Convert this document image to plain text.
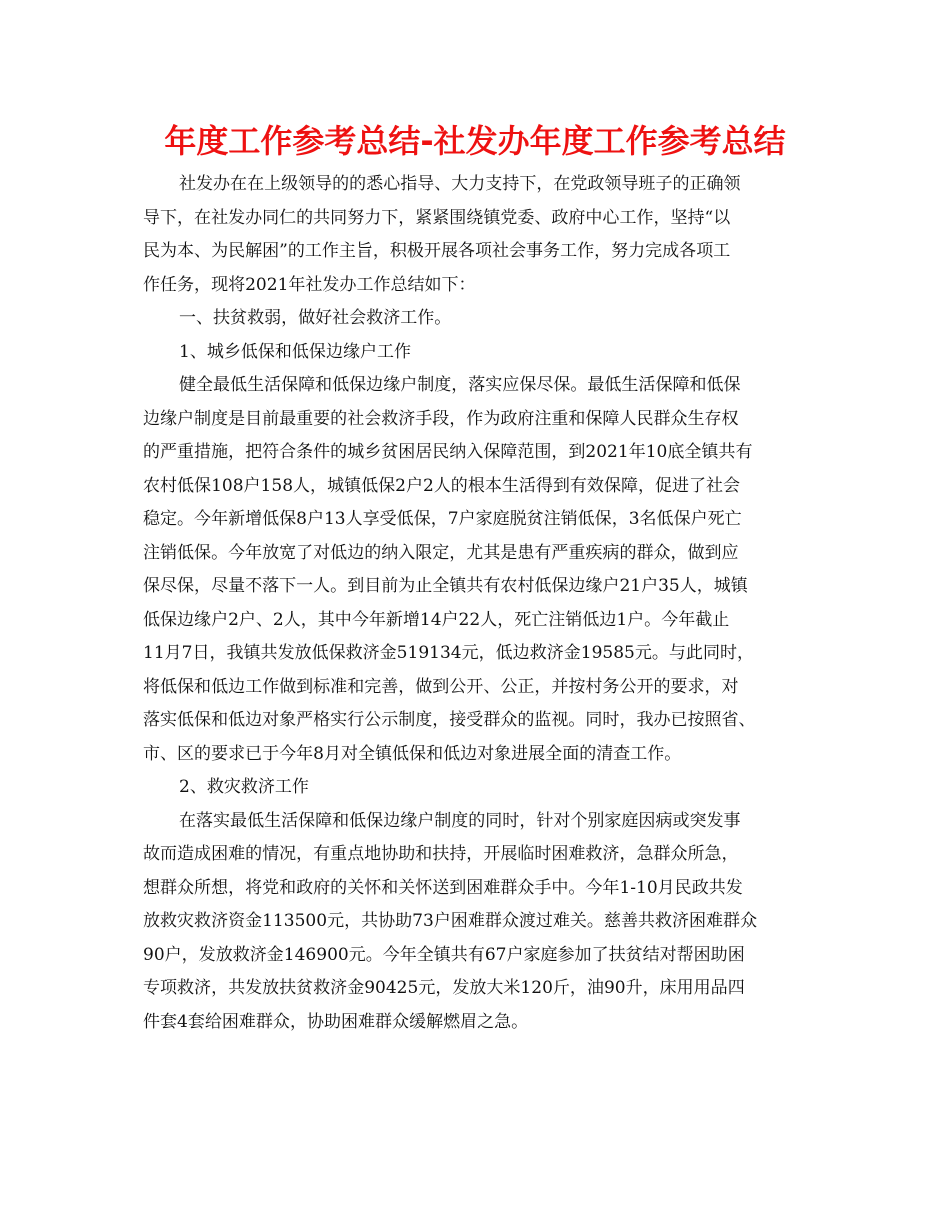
年度工作参考总结-社发办年度工作参考总结

社发办在在上级领导的的悉心指导、大力支持下，在党政领导班子的正确领
导下，在社发办同仁的共同努力下，紧紧围绕镇党委、政府中心工作，坚持“以
民为本、为民解困”的工作主旨，积极开展各项社会事务工作，努力完成各项工
作任务，现将2021年社发办工作总结如下：

一、扶贫救弱，做好社会救济工作。

1、城乡低保和低保边缘户工作

健全最低生活保障和低保边缘户制度，落实应保尽保。最低生活保障和低保
边缘户制度是目前最重要的社会救济手段，作为政府注重和保障人民群众生存权
的严重措施，把符合条件的城乡贫困居民纳入保障范围，到2021年10底全镇共有
农村低保108户158人，城镇低保2户2人的根本生活得到有效保障，促进了社会
稳定。今年新增低保8户13人享受低保，7户家庭脱贫注销低保，3名低保户死亡
注销低保。今年放宽了对低边的纳入限定，尤其是患有严重疾病的群众，做到应
保尽保，尽量不落下一人。到目前为止全镇共有农村低保边缘户21户35人，城镇
低保边缘户2户、2人，其中今年新增14户22人，死亡注销低边1户。今年截止
11月7日，我镇共发放低保救济金519134元，低边救济金19585元。与此同时，
将低保和低边工作做到标准和完善，做到公开、公正，并按村务公开的要求，对
落实低保和低边对象严格实行公示制度，接受群众的监视。同时，我办已按照省、
市、区的要求已于今年8月对全镇低保和低边对象进展全面的清查工作。

2、救灾救济工作

在落实最低生活保障和低保边缘户制度的同时，针对个别家庭因病或突发事
故而造成困难的情况，有重点地协助和扶持，开展临时困难救济，急群众所急，
想群众所想，将党和政府的关怀和关怀送到困难群众手中。今年1-10月民政共发
放救灾救济资金113500元，共协助73户困难群众渡过难关。慈善共救济困难群众
90户，发放救济金146900元。今年全镇共有67户家庭参加了扶贫结对帮困助困
专项救济，共发放扶贫救济金90425元，发放大米120斤，油90升，床用用品四
件套4套给困难群众，协助困难群众缓解燃眉之急。
